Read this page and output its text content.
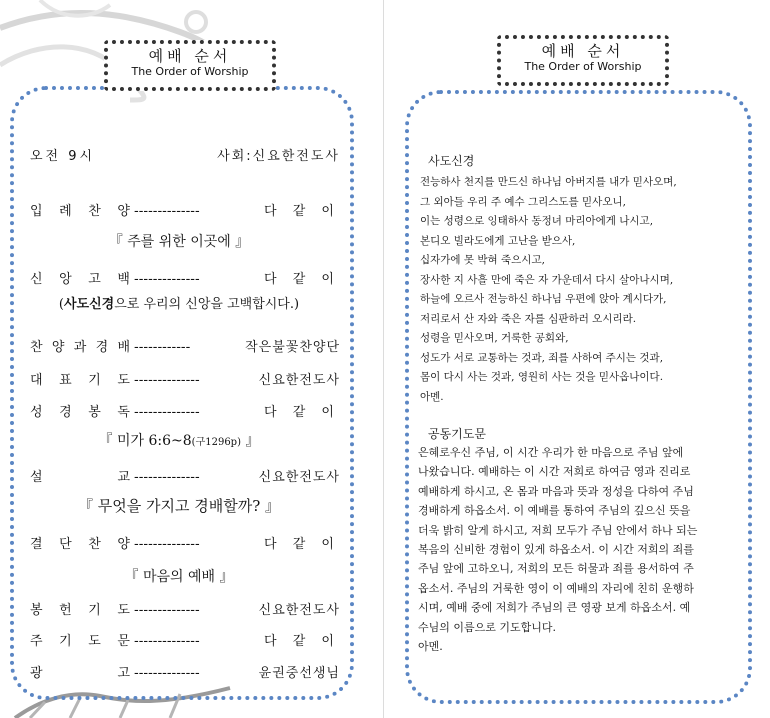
예배 순서
The Order of Worship
오전 9시	사회:신요한전도사
입 례 찬 양 --------------	다 같 이
신 앙 고 백 --------------	다 같 이
찬 양 과 경 배 ------------	작은불꽃찬양단
대 표 기 도 --------------	신요한전도사
성 경 봉 독 --------------	다 같 이
설	교 --------------	신요한전도사
결 단 찬 양 --------------	다 같 이
봉 헌 기 도 --------------	신요한전도사
주 기 도 문 --------------	다 같 이
광	고 --------------	윤권중선생님
『 주를 위한 이곳에 』
(사도신경으로 우리의 신앙을 고백합시다.)
『 미가 6:6~8(구1296p) 』
『 무엇을 가지고 경배할까? 』
『 마음의 예배 』
예배 순서
The Order of Worship
사도신경
전능하사 천지를 만드신 하나님 아버지를 내가 믿사오며,
그 외아들 우리 주 예수 그리스도를 믿사오니,
이는 성령으로 잉태하사 동정녀 마리아에게 나시고,
본디오 빌라도에게 고난을 받으사,
십자가에 못 박혀 죽으시고,
장사한 지 사흘 만에 죽은 자 가운데서 다시 살아나시며,
하늘에 오르사 전능하신 하나님 우편에 앉아 계시다가,
저리로서 산 자와 죽은 자를 심판하러 오시리라.
성령을 믿사오며, 거룩한 공회와,
성도가 서로 교통하는 것과, 죄를 사하여 주시는 것과,
몸이 다시 사는 것과, 영원히 사는 것을 믿사옵나이다.
아멘.
공동기도문
은혜로우신 주님, 이 시간 우리가 한 마음으로 주님 앞에
나왔습니다. 예배하는 이 시간 저희로 하여금 영과 진리로
예배하게 하시고, 온 몸과 마음과 뜻과 정성을 다하여 주님
경배하게 하옵소서. 이 예배를 통하여 주님의 깊으신 뜻을
더욱 밝히 알게 하시고, 저희 모두가 주님 안에서 하나 되는
복음의 신비한 경험이 있게 하옵소서. 이 시간 저희의 죄를
주님 앞에 고하오니, 저희의 모든 허물과 죄를 용서하여 주
옵소서. 주님의 거룩한 영이 이 예배의 자리에 친히 운행하
시며, 예배 중에 저희가 주님의 큰 영광 보게 하옵소서. 예
수님의 이름으로 기도합니다.
아멘.
